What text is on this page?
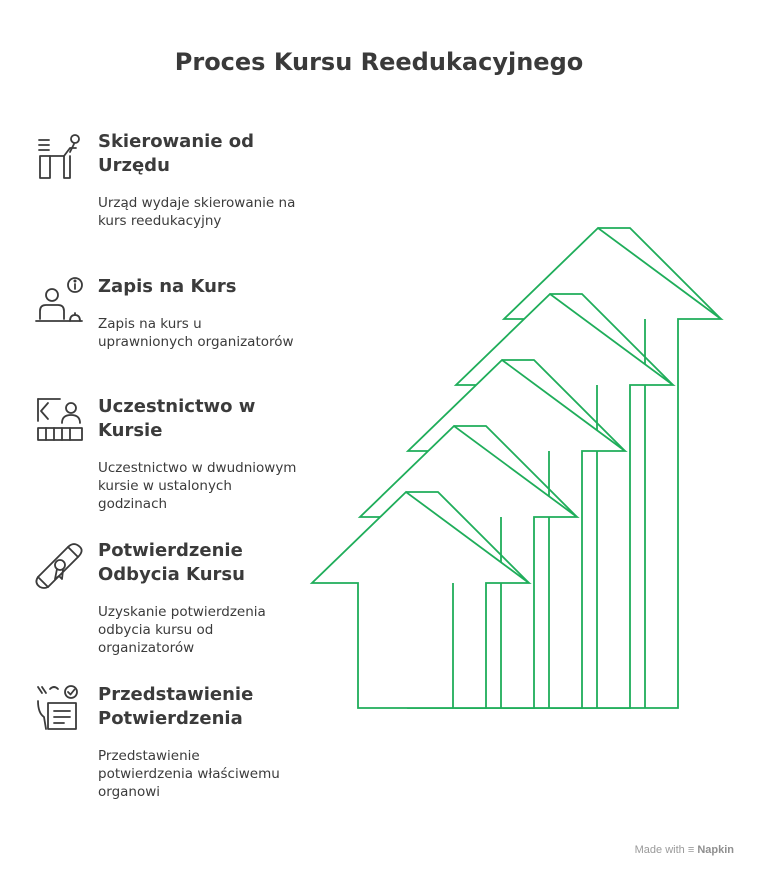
Proces Kursu Reedukacyjnego
Skierowanie od Urzędu
Urząd wydaje skierowanie na kurs reedukacyjny
Zapis na Kurs
Zapis na kurs u uprawnionych organizatorów
Uczestnictwo w Kursie
Uczestnictwo w dwudniowym kursie w ustalonych godzinach
Potwierdzenie Odbycia Kursu
Uzyskanie potwierdzenia odbycia kursu od organizatorów
Przedstawienie Potwierdzenia
Przedstawienie potwierdzenia właściwemu organowi
Made with ≡ Napkin
